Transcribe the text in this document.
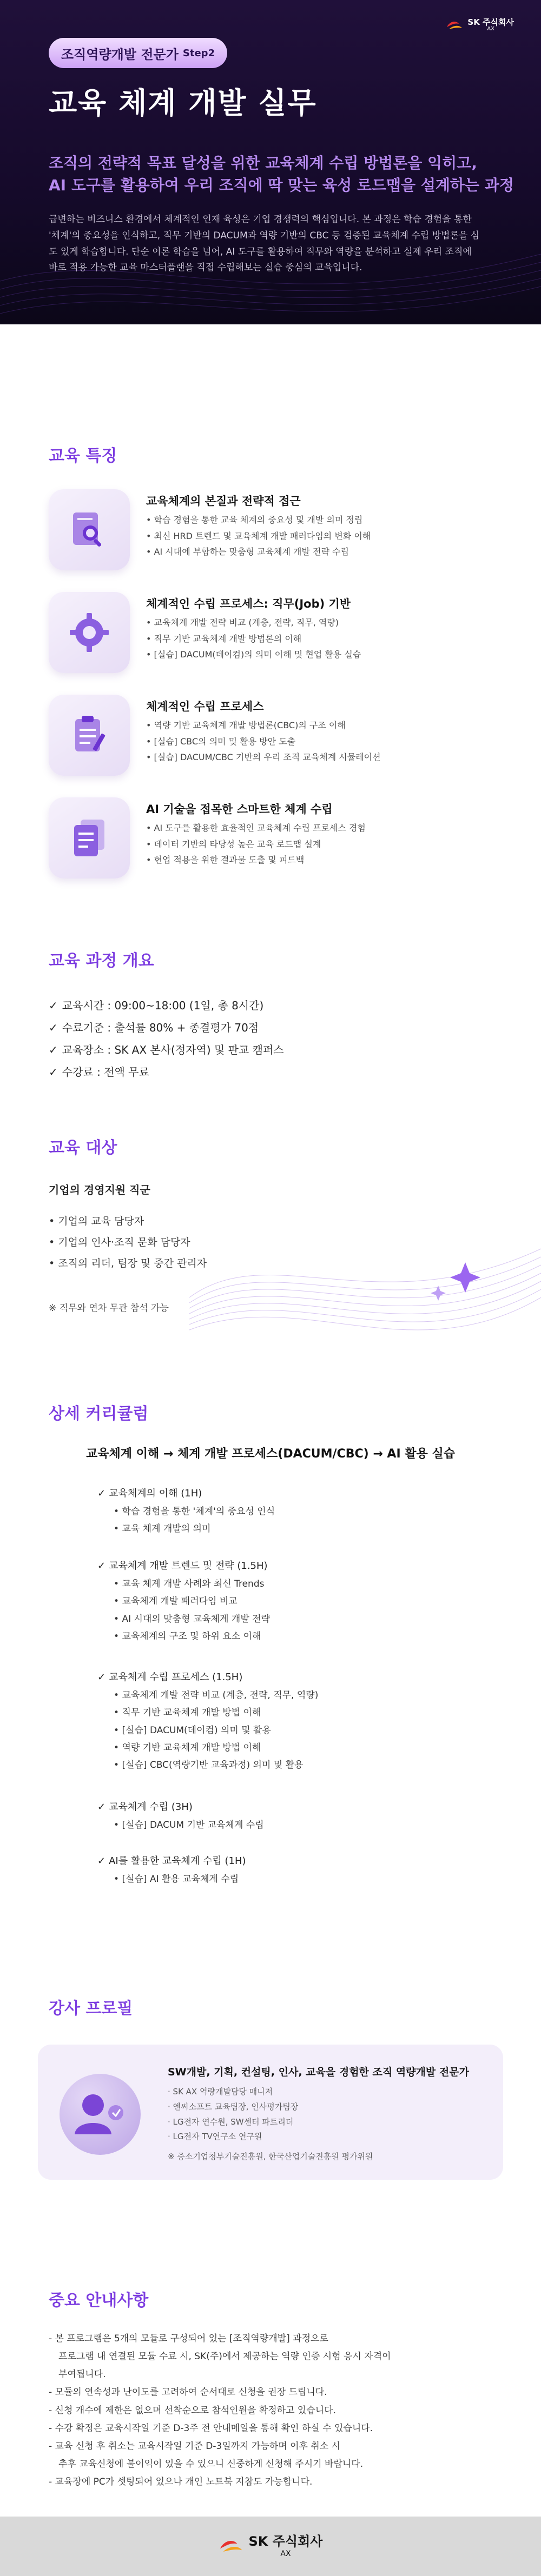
조직역량개발 전문가 Step2
SK 주식회사
AX
교육 체계 개발 실무
조직의 전략적 목표 달성을 위한 교육체계 수립 방법론을 익히고,
AI 도구를 활용하여 우리 조직에 딱 맞는 육성 로드맵을 설계하는 과정
급변하는 비즈니스 환경에서 체계적인 인재 육성은 기업 경쟁력의 핵심입니다. 본 과정은 학습 경험을 통한 '체계'의 중요성을 인식하고, 직무 기반의 DACUM과 역량 기반의 CBC 등 검증된 교육체계 수립 방법론을 심도 있게 학습합니다. 단순 이론 학습을 넘어, AI 도구를 활용하여 직무와 역량을 분석하고 실제 우리 조직에 바로 적용 가능한 교육 마스터플랜을 직접 수립해보는 실습 중심의 교육입니다.
교육 특징
교육체계의 본질과 전략적 접근
• 학습 경험을 통한 교육 체계의 중요성 및 개발 의미 정립
• 최신 HRD 트렌드 및 교육체계 개발 패러다임의 변화 이해
• AI 시대에 부합하는 맞춤형 교육체계 개발 전략 수립
체계적인 수립 프로세스: 직무(Job) 기반
• 교육체계 개발 전략 비교 (계층, 전략, 직무, 역량)
• 직무 기반 교육체계 개발 방법론의 이해
• [실습] DACUM(데이컴)의 의미 이해 및 현업 활용 실습
체계적인 수립 프로세스
• 역량 기반 교육체계 개발 방법론(CBC)의 구조 이해
• [실습] CBC의 의미 및 활용 방안 도출
• [실습] DACUM/CBC 기반의 우리 조직 교육체계 시뮬레이션
AI 기술을 접목한 스마트한 체계 수립
• AI 도구를 활용한 효율적인 교육체계 수립 프로세스 경험
• 데이터 기반의 타당성 높은 교육 로드맵 설계
• 현업 적용을 위한 결과물 도출 및 피드백
교육 과정 개요
✓ 교육시간 : 09:00~18:00 (1일, 총 8시간)
✓ 수료기준 : 출석률 80% + 종결평가 70점
✓ 교육장소 : SK AX 본사(정자역) 및 판교 캠퍼스
✓ 수강료 : 전액 무료
교육 대상
기업의 경영지원 직군
• 기업의 교육 담당자
• 기업의 인사·조직 문화 담당자
• 조직의 리더, 팀장 및 중간 관리자
※ 직무와 연차 무관 참석 가능
상세 커리큘럼
교육체계 이해 → 체계 개발 프로세스(DACUM/CBC) → AI 활용 실습
✓ 교육체계의 이해 (1H)
• 학습 경험을 통한 '체계'의 중요성 인식
• 교육 체계 개발의 의미
✓ 교육체계 개발 트렌드 및 전략 (1.5H)
• 교육 체계 개발 사례와 최신 Trends
• 교육체계 개발 패러다임 비교
• AI 시대의 맞춤형 교육체계 개발 전략
• 교육체계의 구조 및 하위 요소 이해
✓ 교육체계 수립 프로세스 (1.5H)
• 교육체계 개발 전략 비교 (계층, 전략, 직무, 역량)
• 직무 기반 교육체계 개발 방법 이해
• [실습] DACUM(데이컴) 의미 및 활용
• 역량 기반 교육체계 개발 방법 이해
• [실습] CBC(역량기반 교육과정) 의미 및 활용
✓ 교육체계 수립 (3H)
• [실습] DACUM 기반 교육체계 수립
✓ AI를 활용한 교육체계 수립 (1H)
• [실습] AI 활용 교육체계 수립
강사 프로필
SW개발, 기획, 컨설팅, 인사, 교육을 경험한 조직 역량개발 전문가
· SK AX 역량개발담당 매니저
· 엔씨소프트 교육팀장, 인사평가팀장
· LG전자 연수원, SW센터 파트리더
· LG전자 TV연구소 연구원
※ 중소기업청부기술진흥원, 한국산업기술진흥원 평가위원
중요 안내사항
- 본 프로그램은 5개의 모듈로 구성되어 있는 [조직역량개발] 과정으로
프로그램 내 연결된 모듈 수료 시, SK(주)에서 제공하는 역량 인증 시험 응시 자격이
부여됩니다.
- 모듈의 연속성과 난이도를 고려하여 순서대로 신청을 권장 드립니다.
- 신청 개수에 제한은 없으며 선착순으로 참석인원을 확정하고 있습니다.
- 수강 확정은 교육시작일 기준 D-3주 전 안내메일을 통해 확인 하실 수 있습니다.
- 교육 신청 후 취소는 교육시작일 기준 D-3일까지 가능하며 이후 취소 시
추후 교육신청에 불이익이 있을 수 있으니 신중하게 신청해 주시기 바랍니다.
- 교육장에 PC가 셋팅되어 있으나 개인 노트북 지참도 가능합니다.
SK 주식회사
AX
